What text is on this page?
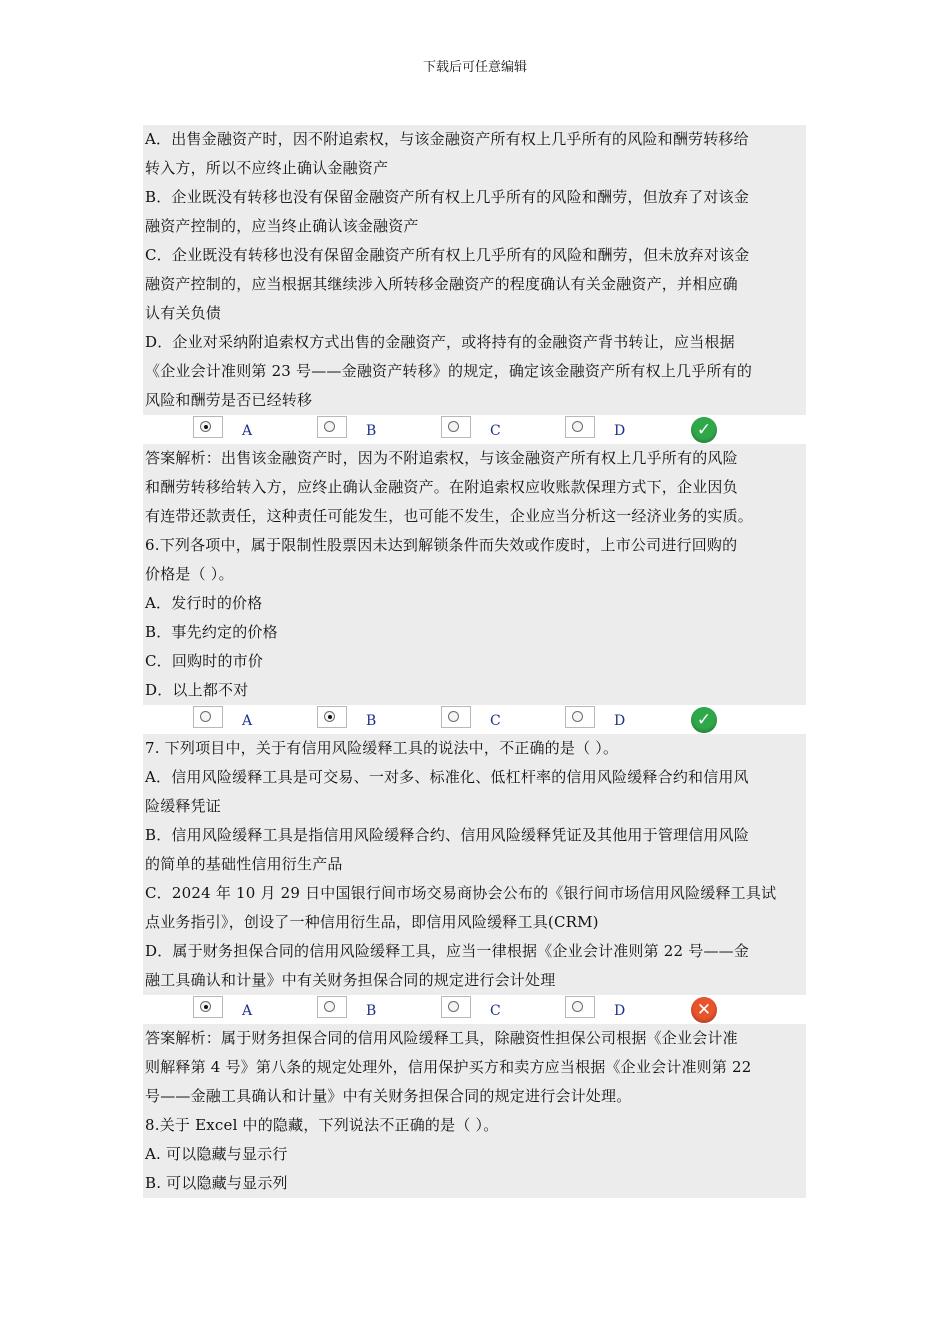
下载后可任意编辑
A．出售金融资产时，因不附追索权，与该金融资产所有权上几乎所有的风险和酬劳转移给
转入方，所以不应终止确认金融资产
B．企业既没有转移也没有保留金融资产所有权上几乎所有的风险和酬劳，但放弃了对该金
融资产控制的，应当终止确认该金融资产
C．企业既没有转移也没有保留金融资产所有权上几乎所有的风险和酬劳，但未放弃对该金
融资产控制的，应当根据其继续涉入所转移金融资产的程度确认有关金融资产，并相应确
认有关负债
D．企业对采纳附追索权方式出售的金融资产，或将持有的金融资产背书转让，应当根据
《企业会计准则第 23 号——金融资产转移》的规定，确定该金融资产所有权上几乎所有的
风险和酬劳是否已经转移
A	B	C	D	✓
答案解析：出售该金融资产时，因为不附追索权，与该金融资产所有权上几乎所有的风险
和酬劳转移给转入方，应终止确认金融资产。在附追索权应收账款保理方式下，企业因负
有连带还款责任，这种责任可能发生，也可能不发生，企业应当分析这一经济业务的实质。
6.下列各项中，属于限制性股票因未达到解锁条件而失效或作废时，上市公司进行回购的
价格是（ ）。
A．发行时的价格
B．事先约定的价格
C．回购时的市价
D．以上都不对
A	B	C	D	✓
7. 下列项目中，关于有信用风险缓释工具的说法中，不正确的是（ ）。
A．信用风险缓释工具是可交易、一对多、标准化、低杠杆率的信用风险缓释合约和信用风
险缓释凭证
B．信用风险缓释工具是指信用风险缓释合约、信用风险缓释凭证及其他用于管理信用风险
的简单的基础性信用衍生产品
C．2024 年 10 月 29 日中国银行间市场交易商协会公布的《银行间市场信用风险缓释工具试
点业务指引》，创设了一种信用衍生品，即信用风险缓释工具(CRM)
D．属于财务担保合同的信用风险缓释工具，应当一律根据《企业会计准则第 22 号——金
融工具确认和计量》中有关财务担保合同的规定进行会计处理
A	B	C	D	✕
答案解析：属于财务担保合同的信用风险缓释工具，除融资性担保公司根据《企业会计准
则解释第 4 号》第八条的规定处理外，信用保护买方和卖方应当根据《企业会计准则第 22
号——金融工具确认和计量》中有关财务担保合同的规定进行会计处理。
8.关于 Excel 中的隐藏，下列说法不正确的是（ ）。
A. 可以隐藏与显示行
B. 可以隐藏与显示列
